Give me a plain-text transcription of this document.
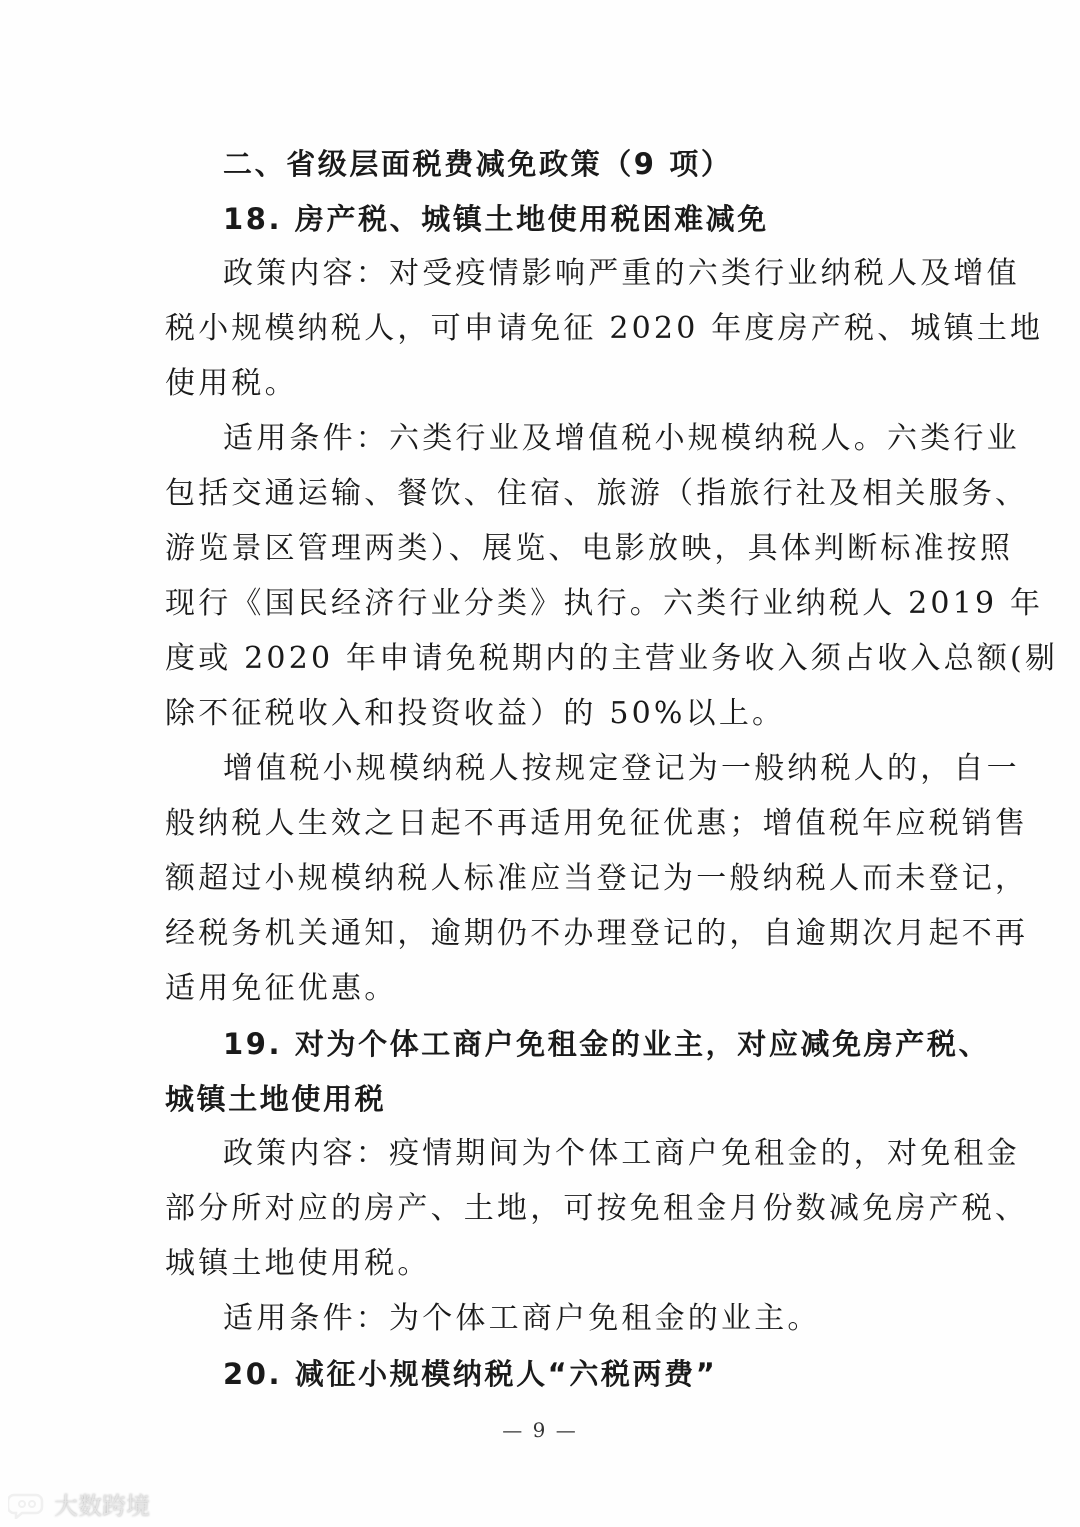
二、省级层面税费减免政策（9 项）
18. 房产税、城镇土地使用税困难减免
政策内容：对受疫情影响严重的六类行业纳税人及增值
税小规模纳税人，可申请免征 2020 年度房产税、城镇土地
使用税。
适用条件：六类行业及增值税小规模纳税人。六类行业
包括交通运输、餐饮、住宿、旅游（指旅行社及相关服务、
游览景区管理两类）、展览、电影放映，具体判断标准按照
现行《国民经济行业分类》执行。六类行业纳税人 2019 年
度或 2020 年申请免税期内的主营业务收入须占收入总额(剔
除不征税收入和投资收益）的 50%以上。
增值税小规模纳税人按规定登记为一般纳税人的，自一
般纳税人生效之日起不再适用免征优惠；增值税年应税销售
额超过小规模纳税人标准应当登记为一般纳税人而未登记，
经税务机关通知，逾期仍不办理登记的，自逾期次月起不再
适用免征优惠。
19. 对为个体工商户免租金的业主，对应减免房产税、
城镇土地使用税
政策内容：疫情期间为个体工商户免租金的，对免租金
部分所对应的房产、土地，可按免租金月份数减免房产税、
城镇土地使用税。
适用条件：为个体工商户免租金的业主。
20. 减征小规模纳税人“六税两费”
— 9 —
大数跨境
